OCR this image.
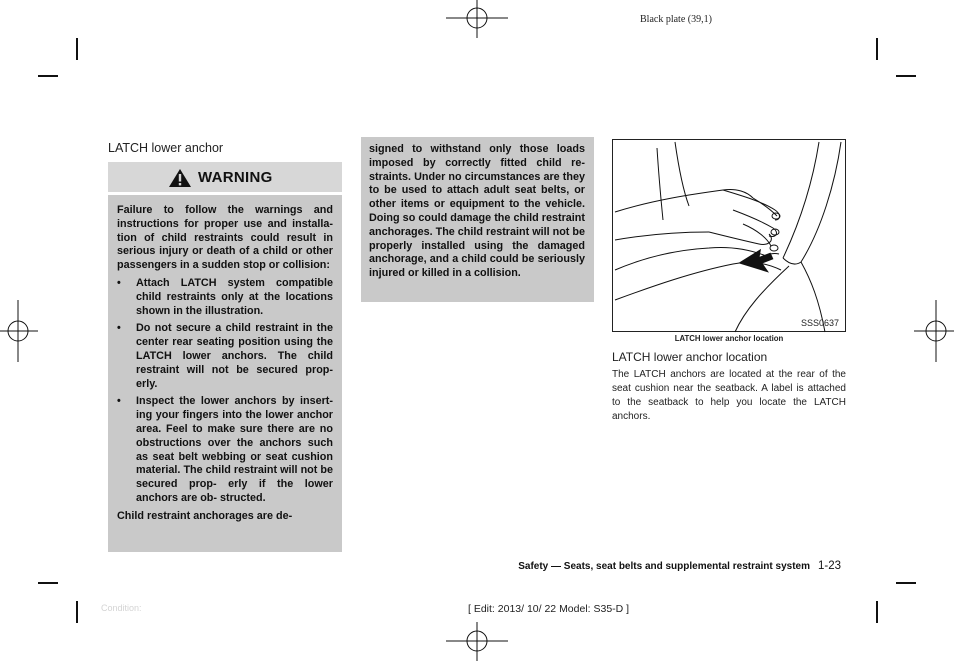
Black plate (39,1)
LATCH lower anchor
WARNING

Failure to follow the warnings and instructions for proper use and installa- tion of child restraints could result in serious injury or death of a child or other passengers in a sudden stop or collision:

• Attach LATCH system compatible child restraints only at the locations shown in the illustration.
• Do not secure a child restraint in the center rear seating position using the LATCH lower anchors. The child restraint will not be secured prop- erly.
• Inspect the lower anchors by insert- ing your fingers into the lower anchor area. Feel to make sure there are no obstructions over the anchors such as seat belt webbing or seat cushion material. The child restraint will not be secured prop- erly if the lower anchors are ob- structed.
Child restraint anchorages are de-
signed to withstand only those loads imposed by correctly fitted child re- straints. Under no circumstances are they to be used to attach adult seat belts, or other items or equipment to the vehicle. Doing so could damage the child restraint anchorages. The child restraint will not be properly installed using the damaged anchorage, and a child could be seriously injured or killed in a collision.
SSS0637
LATCH lower anchor location
LATCH lower anchor location
The LATCH anchors are located at the rear of the seat cushion near the seatback. A label is attached to the seatback to help you locate the LATCH anchors.
Safety — Seats, seat belts and supplemental restraint system 1-23
Condition:	[ Edit: 2013/ 10/ 22 Model: S35-D ]
